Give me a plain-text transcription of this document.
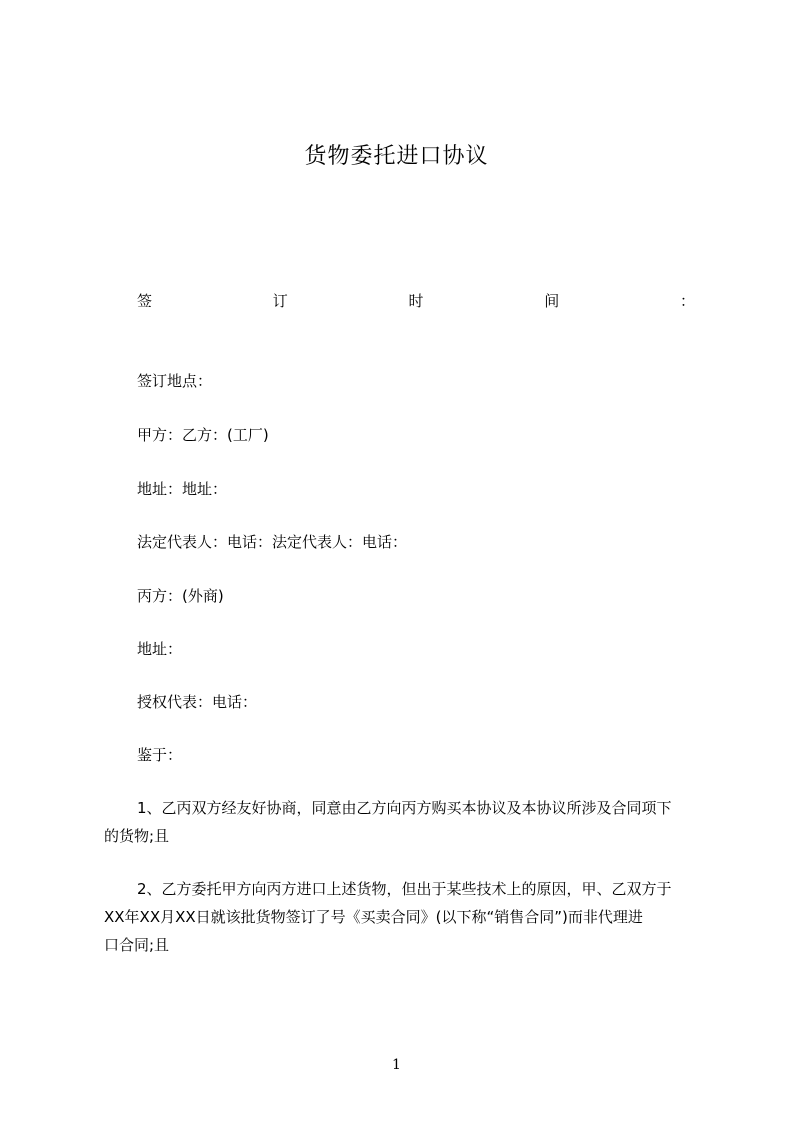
货物委托进口协议
签	订	时	间	：
签订地点：
甲方：乙方：(工厂)
地址：地址：
法定代表人：电话：法定代表人：电话：
丙方：(外商)
地址：
授权代表：电话：
鉴于：
1、乙丙双方经友好协商，同意由乙方向丙方购买本协议及本协议所涉及合同项下
的货物;且
2、乙方委托甲方向丙方进口上述货物，但出于某些技术上的原因，甲、乙双方于
XX年XX月XX日就该批货物签订了号《买卖合同》(以下称“销售合同”)而非代理进
口合同;且
1
